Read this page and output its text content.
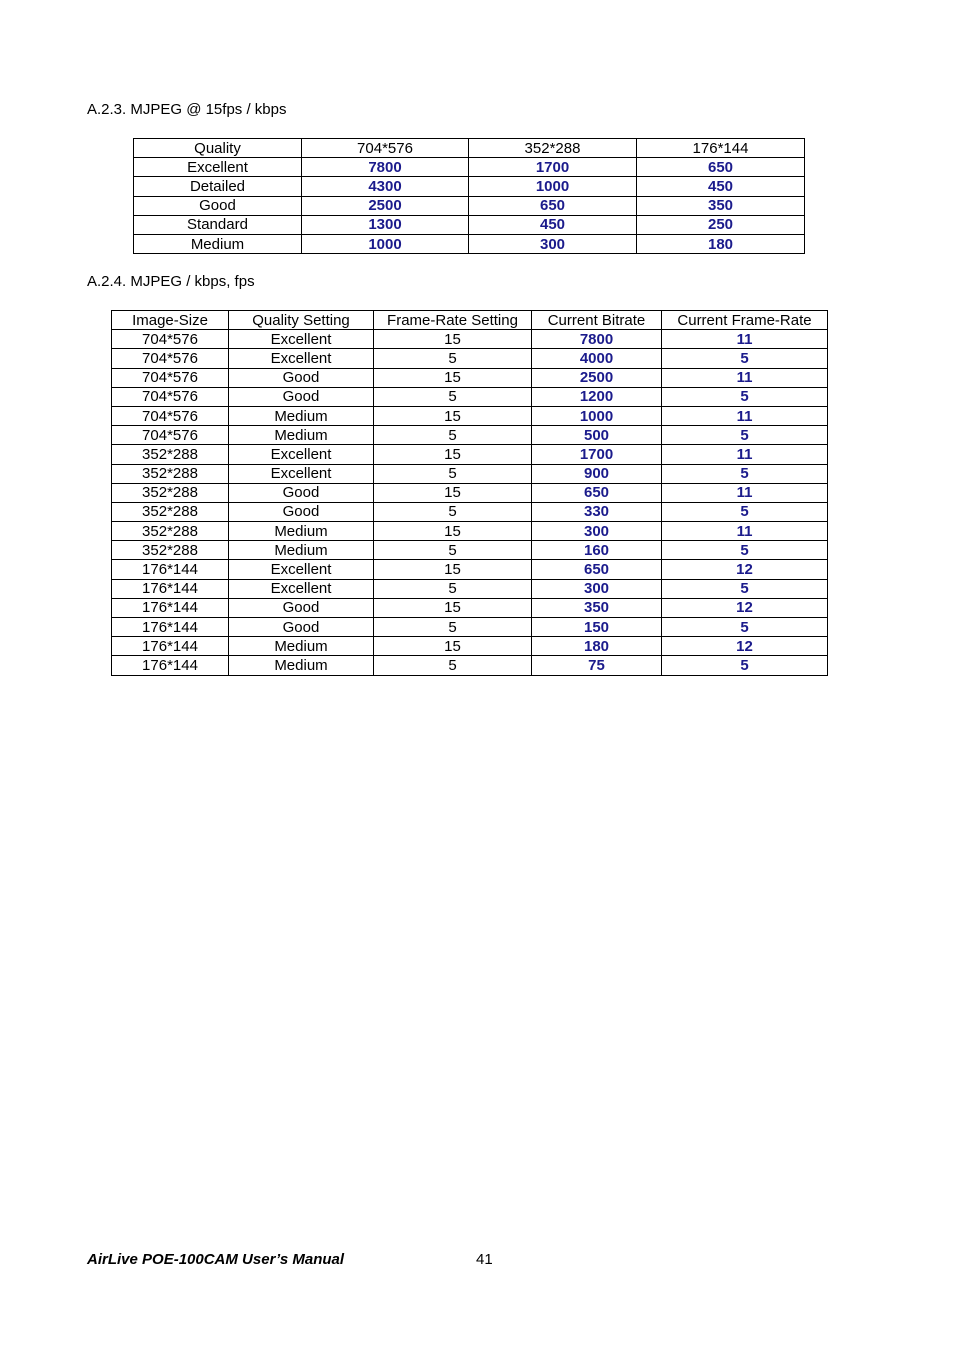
A.2.3. MJPEG @ 15fps / kbps
Quality	704*576	352*288	176*144
Excellent	7800	1700	650
Detailed	4300	1000	450
Good	2500	650	350
Standard	1300	450	250
Medium	1000	300	180
A.2.4. MJPEG / kbps, fps
Image-Size	Quality Setting	Frame-Rate Setting	Current Bitrate	Current Frame-Rate
704*576	Excellent	15	7800	11
704*576	Excellent	5	4000	5
704*576	Good	15	2500	11
704*576	Good	5	1200	5
704*576	Medium	15	1000	11
704*576	Medium	5	500	5
352*288	Excellent	15	1700	11
352*288	Excellent	5	900	5
352*288	Good	15	650	11
352*288	Good	5	330	5
352*288	Medium	15	300	11
352*288	Medium	5	160	5
176*144	Excellent	15	650	12
176*144	Excellent	5	300	5
176*144	Good	15	350	12
176*144	Good	5	150	5
176*144	Medium	15	180	12
176*144	Medium	5	75	5
AirLive POE-100CAM User’s Manual	41
